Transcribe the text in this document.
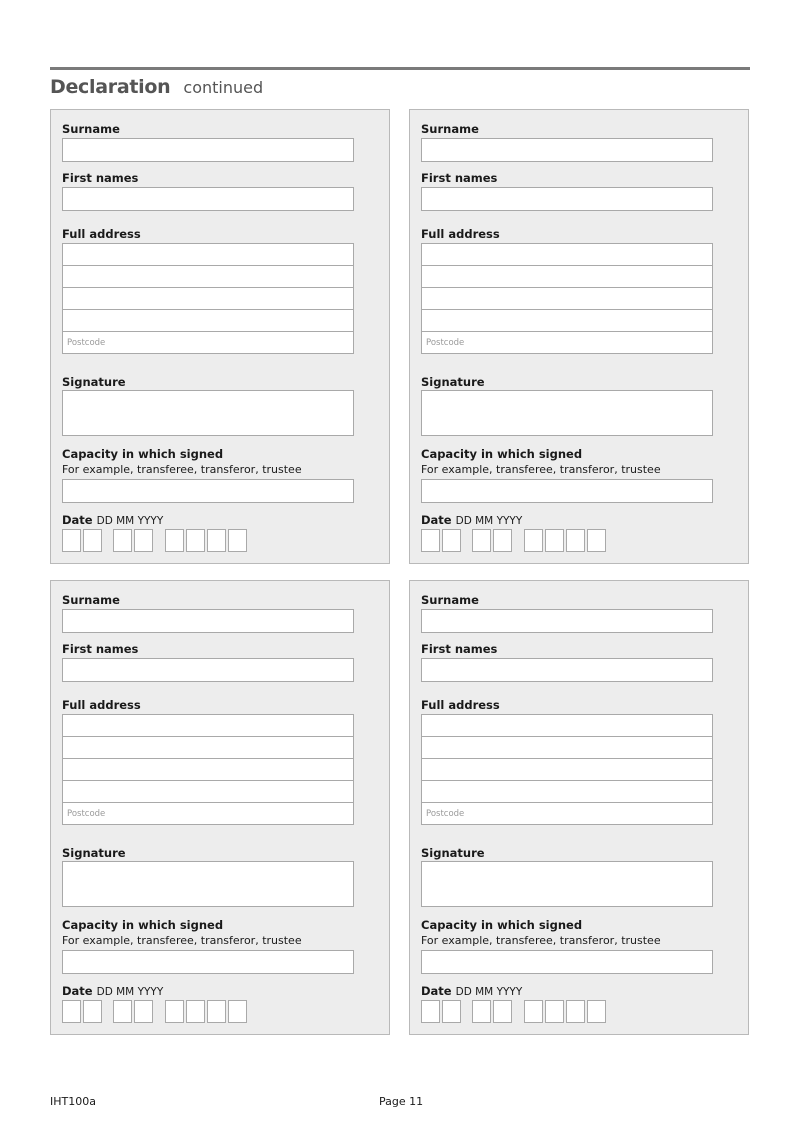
Declaration continued
Surname
First names
Full address
Postcode
Signature
Capacity in which signed
For example, transferee, transferor, trustee
Date DD MM YYYY
Surname
First names
Full address
Postcode
Signature
Capacity in which signed
For example, transferee, transferor, trustee
Date DD MM YYYY
Surname
First names
Full address
Postcode
Signature
Capacity in which signed
For example, transferee, transferor, trustee
Date DD MM YYYY
Surname
First names
Full address
Postcode
Signature
Capacity in which signed
For example, transferee, transferor, trustee
Date DD MM YYYY
IHT100a	Page 11
